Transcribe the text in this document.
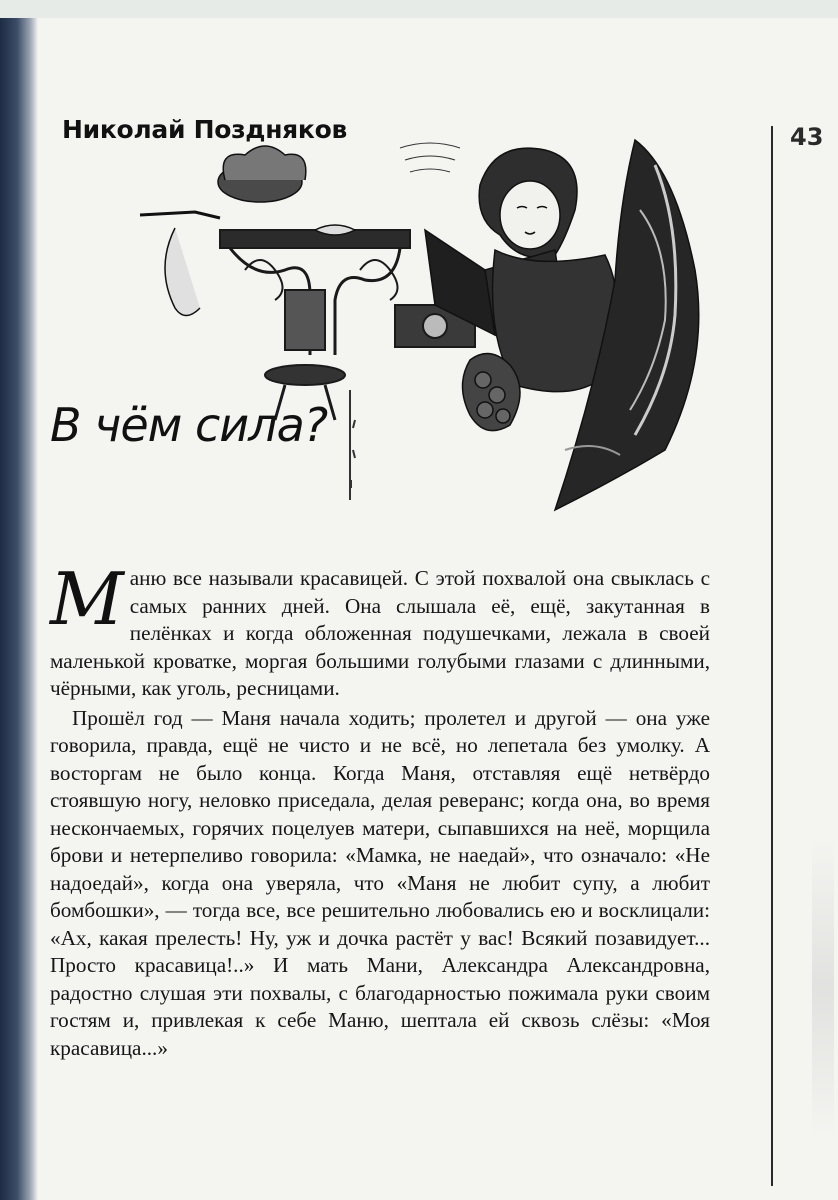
Николай Поздняков	43
В чём сила?

Маню все называли красавицей. С этой похвалой она свыклась с самых ранних дней. Она слышала её, ещё, закутанная в пелёнках и когда обложенная подушечками, лежала в своей маленькой кроватке, моргая большими голубыми глазами с длинными, чёрными, как уголь, ресницами.

Прошёл год — Маня начала ходить; пролетел и другой — она уже говорила, правда, ещё не чисто и не всё, но лепетала без умолку. А восторгам не было конца. Когда Маня, отставляя ещё нетвёрдо стоявшую ногу, неловко приседала, делая реверанс; когда она, во время нескончаемых, горячих поцелуев матери, сыпавшихся на неё, морщила брови и нетерпеливо говорила: «Мамка, не наедай», что означало: «Не надоедай», когда она уверяла, что «Маня не любит супу, а любит бомбошки», — тогда все, все решительно любовались ею и восклицали: «Ах, какая прелесть! Ну, уж и дочка растёт у вас! Всякий позавидует... Просто красавица!..» И мать Мани, Александра Александровна, радостно слушая эти похвалы, с благодарностью пожимала руки своим гостям и, привлекая к себе Маню, шептала ей сквозь слёзы: «Моя красавица...»
